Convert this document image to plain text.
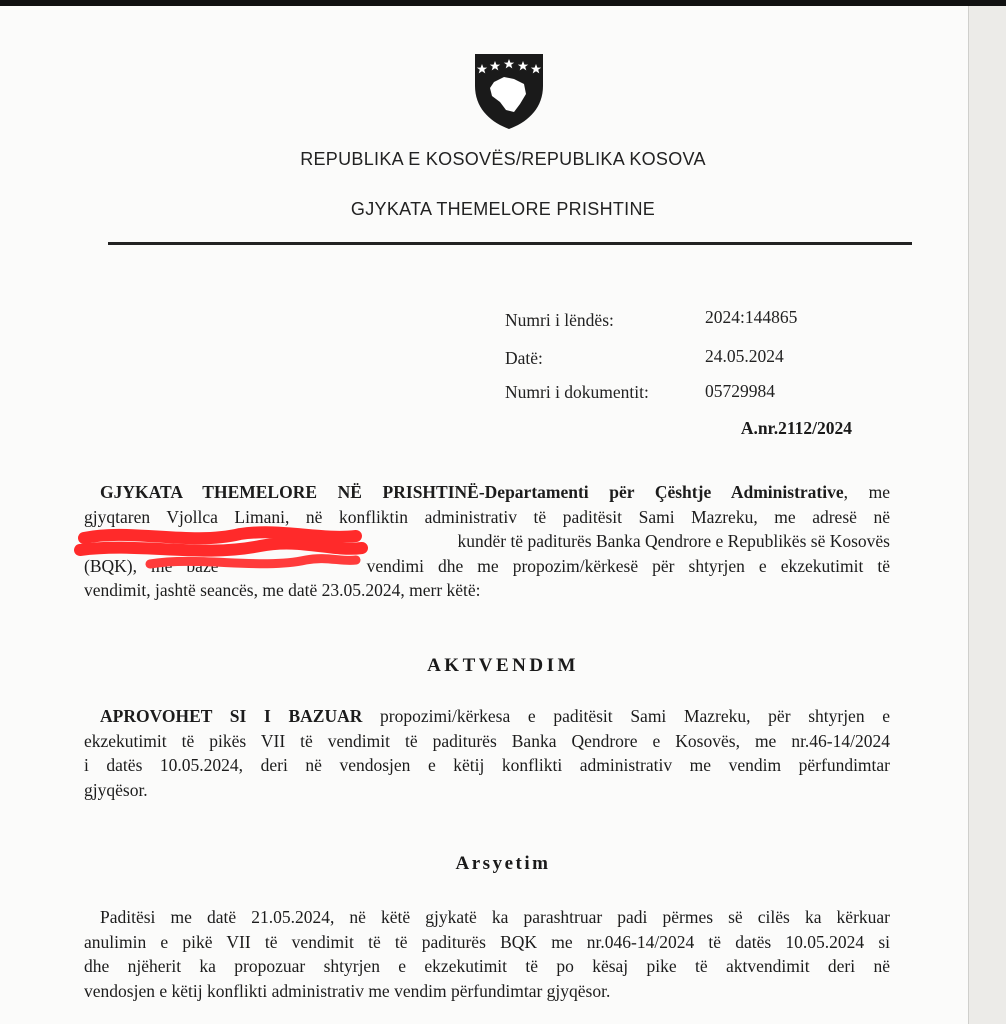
REPUBLIKA E KOSOVËS/REPUBLIKA KOSOVA
GJYKATA THEMELORE PRISHTINE
Numri i lëndës:	2024:144865
Datë:	24.05.2024
Numri i dokumentit:	05729984
A.nr.2112/2024
GJYKATA THEMELORE NË PRISHTINË-Departamenti për Çështje Administrative, me
gjyqtaren Vjollca Limani, në konfliktin administrativ të paditësit Sami Mazreku, me adresë në
kundër të paditurës Banka Qendrore e Republikës së Kosovës
(BQK), me bazë	vendimi dhe me propozim/kërkesë për shtyrjen e ekzekutimit të
vendimit, jashtë seancës, me datë 23.05.2024, merr këtë:
AKTVENDIM
APROVOHET SI I BAZUAR propozimi/kërkesa e paditësit Sami Mazreku, për shtyrjen e
ekzekutimit të pikës VII të vendimit të paditurës Banka Qendrore e Kosovës, me nr.46-14/2024
i datës 10.05.2024, deri në vendosjen e këtij konflikti administrativ me vendim përfundimtar
gjyqësor.
Arsyetim
Paditësi me datë 21.05.2024, në këtë gjykatë ka parashtruar padi përmes së cilës ka kërkuar
anulimin e pikë VII të vendimit të të paditurës BQK me nr.046-14/2024 të datës 10.05.2024 si
dhe njëherit ka propozuar shtyrjen e ekzekutimit të po kësaj pike të aktvendimit deri në
vendosjen e këtij konflikti administrativ me vendim përfundimtar gjyqësor.
